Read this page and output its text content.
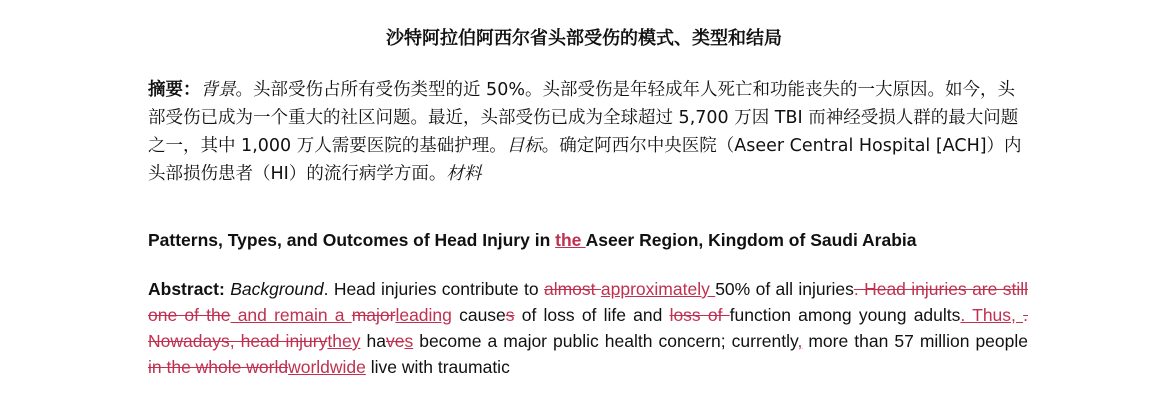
沙特阿拉伯阿西尔省头部受伤的模式、类型和结局
摘要：背景。头部受伤占所有受伤类型的近 50%。头部受伤是年轻成年人死亡和功能丧失的一大原因。如今，头部受伤已成为一个重大的社区问题。最近，头部受伤已成为全球超过 5,700 万因 TBI 而神经受损人群的最大问题之一，其中 1,000 万人需要医院的基础护理。目标。确定阿西尔中央医院（Aseer Central Hospital [ACH]）内头部损伤患者（HI）的流行病学方面。材料
Patterns, Types, and Outcomes of Head Injury in the Aseer Region, Kingdom of Saudi Arabia
Abstract: Background. Head injuries contribute to almost approximately 50% of all injuries. Head injuries are still one of the and remain a majorleading causes of loss of life and loss of function among young adults. Thus, . Nowadays, head injurythey haves become a major public health concern; currently, more than 57 million people in the whole worldworldwide live with traumatic
